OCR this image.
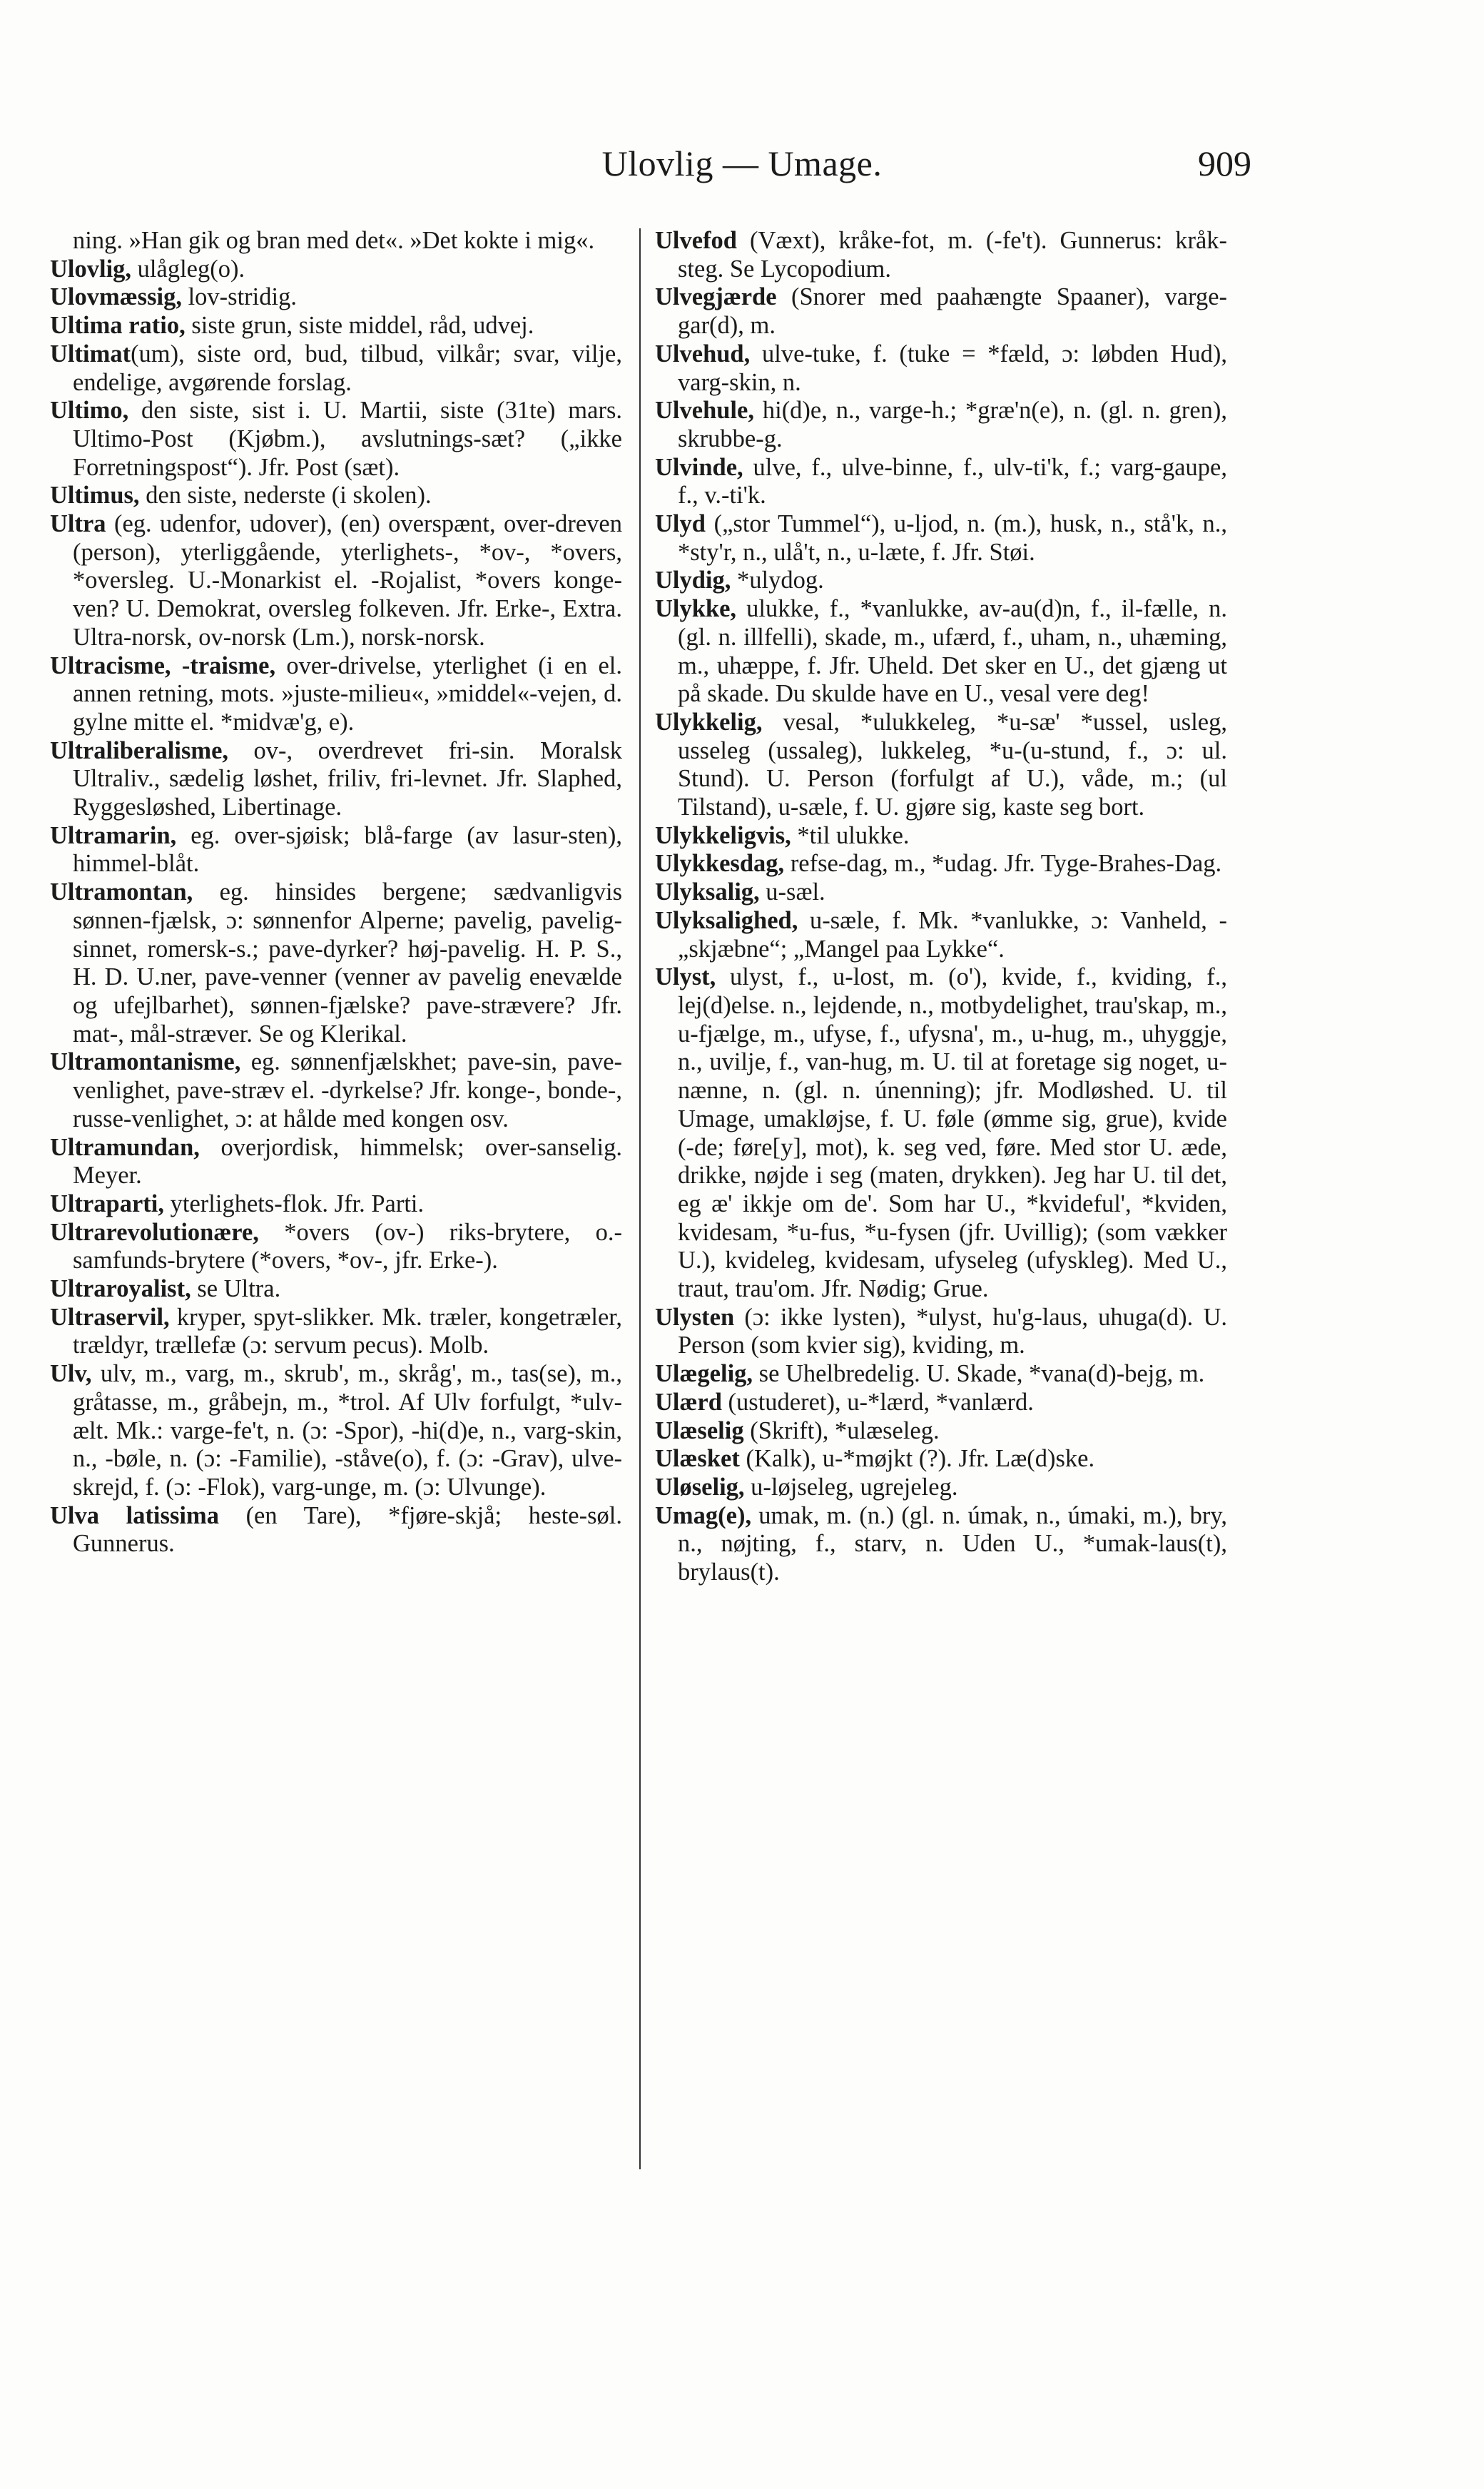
Ulovlig — Umage.	909

ning. »Han gik og bran med det«. »Det kokte i mig«.

Ulovlig, ulågleg(o).

Ulovmæssig, lov-stridig.

Ultima ratio, siste grun, siste middel, råd, udvej.

Ultimat(um), siste ord, bud, tilbud, vilkår; svar, vilje, endelige, avgørende forslag.

Ultimo, den siste, sist i. U. Martii, siste (31te) mars. Ultimo-Post (Kjøbm.), avslutnings-sæt? („ikke Forretningspost“). Jfr. Post (sæt).

Ultimus, den siste, nederste (i skolen).

Ultra (eg. udenfor, udover), (en) overspænt, over-dreven (person), yterliggående, yterlighets-, *ov-, *overs, *oversleg. U.-Monarkist el. -Rojalist, *overs konge-ven? U. Demokrat, oversleg folkeven. Jfr. Erke-, Extra. Ultra-norsk, ov-norsk (Lm.), norsk-norsk.

Ultracisme, -traisme, over-drivelse, yterlighet (i en el. annen retning, mots. »juste-milieu«, »middel«-vejen, d. gylne mitte el. *midvæ'g, e).

Ultraliberalisme, ov-, overdrevet fri-sin. Moralsk Ultraliv., sædelig løshet, friliv, fri-levnet. Jfr. Slaphed, Ryggesløshed, Libertinage.

Ultramarin, eg. over-sjøisk; blå-farge (av lasur-sten), himmel-blåt.

Ultramontan, eg. hinsides bergene; sædvanligvis sønnen-fjælsk, ɔ: sønnenfor Alperne; pavelig, pavelig-sinnet, romersk-s.; pave-dyrker? høj-pavelig. H. P. S., H. D. U.ner, pave-venner (venner av pavelig enevælde og ufejlbarhet), sønnen-fjælske? pave-strævere? Jfr. mat-, mål-stræver. Se og Klerikal.

Ultramontanisme, eg. sønnenfjælskhet; pave-sin, pave-venlighet, pave-stræv el. -dyrkelse? Jfr. konge-, bonde-, russe-venlighet, ɔ: at hålde med kongen osv.

Ultramundan, overjordisk, himmelsk; over-sanselig. Meyer.

Ultraparti, yterlighets-flok. Jfr. Parti.

Ultrarevolutionære, *overs (ov-) riks-brytere, o.-samfunds-brytere (*overs, *ov-, jfr. Erke-).

Ultraroyalist, se Ultra.

Ultraservil, kryper, spyt-slikker. Mk. træler, kongetræler, trældyr, trællefæ (ɔ: servum pecus). Molb.

Ulv, ulv, m., varg, m., skrub', m., skråg', m., tas(se), m., gråtasse, m., gråbejn, m., *trol. Af Ulv forfulgt, *ulv-ælt. Mk.: varge-fe't, n. (ɔ: -Spor), -hi(d)e, n., varg-skin, n., -bøle, n. (ɔ: -Familie), -ståve(o), f. (ɔ: -Grav), ulve-skrejd, f. (ɔ: -Flok), varg-unge, m. (ɔ: Ulvunge).

Ulva latissima (en Tare), *fjøre-skjå; heste-søl. Gunnerus.

Ulvefod (Væxt), kråke-fot, m. (-fe't). Gunnerus: kråk-steg. Se Lycopodium.

Ulvegjærde (Snorer med paahængte Spaaner), varge-gar(d), m.

Ulvehud, ulve-tuke, f. (tuke = *fæld, ɔ: løbden Hud), varg-skin, n.

Ulvehule, hi(d)e, n., varge-h.; *græ'n(e), n. (gl. n. gren), skrubbe-g.

Ulvinde, ulve, f., ulve-binne, f., ulv-ti'k, f.; varg-gaupe, f., v.-ti'k.

Ulyd („stor Tummel“), u-ljod, n. (m.), husk, n., stå'k, n., *sty'r, n., ulå't, n., u-læte, f. Jfr. Støi.

Ulydig, *ulydog.

Ulykke, ulukke, f., *vanlukke, av-au(d)n, f., il-fælle, n. (gl. n. illfelli), skade, m., ufærd, f., uham, n., uhæming, m., uhæppe, f. Jfr. Uheld. Det sker en U., det gjæng ut på skade. Du skulde have en U., vesal vere deg!

Ulykkelig, vesal, *ulukkeleg, *u-sæ' *ussel, usleg, usseleg (ussaleg), lukkeleg, *u-(u-stund, f., ɔ: ul. Stund). U. Person (forfulgt af U.), våde, m.; (ul Tilstand), u-sæle, f. U. gjøre sig, kaste seg bort.

Ulykkeligvis, *til ulukke.

Ulykkesdag, refse-dag, m., *udag. Jfr. Tyge-Brahes-Dag.

Ulyksalig, u-sæl.

Ulyksalighed, u-sæle, f. Mk. *vanlukke, ɔ: Vanheld, -„skjæbne“; „Mangel paa Lykke“.

Ulyst, ulyst, f., u-lost, m. (o'), kvide, f., kviding, f., lej(d)else. n., lejdende, n., motbydelighet, trau'skap, m., u-fjælge, m., ufyse, f., ufysna', m., u-hug, m., uhyggje, n., uvilje, f., van-hug, m. U. til at foretage sig noget, u-nænne, n. (gl. n. únenning); jfr. Modløshed. U. til Umage, umakløjse, f. U. føle (ømme sig, grue), kvide (-de; føre[y], mot), k. seg ved, føre. Med stor U. æde, drikke, nøjde i seg (maten, drykken). Jeg har U. til det, eg æ' ikkje om de'. Som har U., *kvideful', *kviden, kvidesam, *u-fus, *u-fysen (jfr. Uvillig); (som vækker U.), kvideleg, kvidesam, ufyseleg (ufyskleg). Med U., traut, trau'om. Jfr. Nødig; Grue.

Ulysten (ɔ: ikke lysten), *ulyst, hu'g-laus, uhuga(d). U. Person (som kvier sig), kviding, m.

Ulægelig, se Uhelbredelig. U. Skade, *vana(d)-bejg, m.

Ulærd (ustuderet), u-*lærd, *vanlærd.

Ulæselig (Skrift), *ulæseleg.

Ulæsket (Kalk), u-*møjkt (?). Jfr. Læ(d)ske.

Uløselig, u-løjseleg, ugrejeleg.

Umag(e), umak, m. (n.) (gl. n. úmak, n., úmaki, m.), bry, n., nøjting, f., starv, n. Uden U., *umak-laus(t), brylaus(t).
